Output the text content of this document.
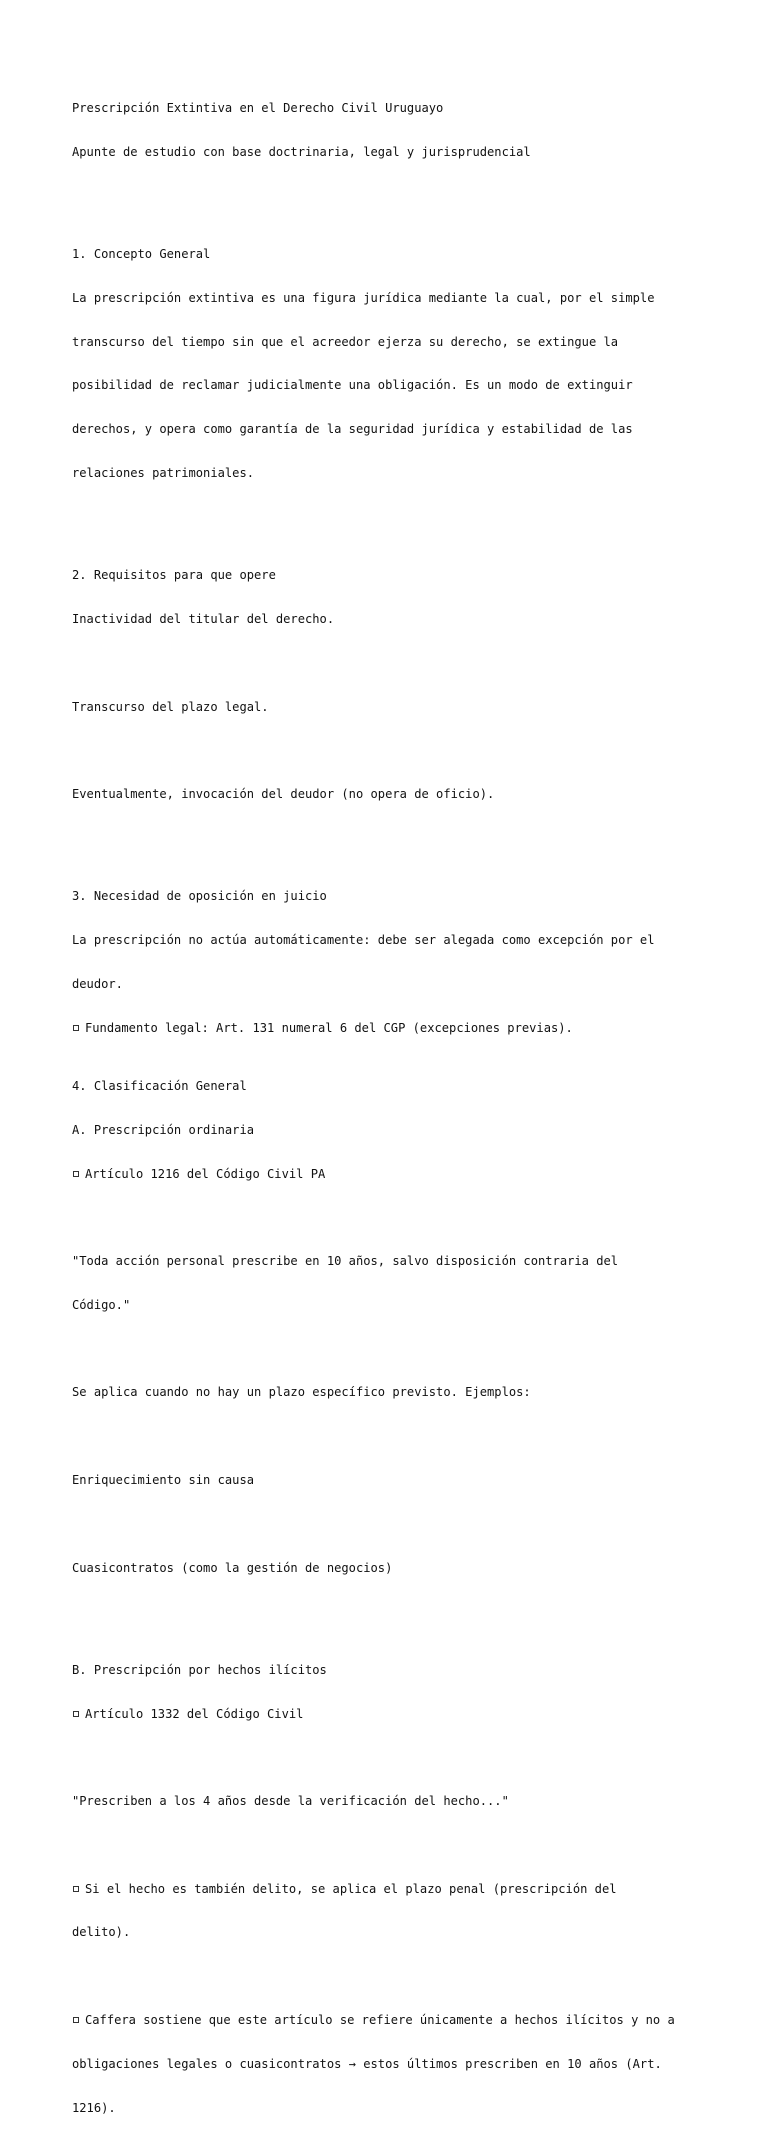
Prescripción Extintiva en el Derecho Civil Uruguayo

Apunte de estudio con base doctrinaria, legal y jurisprudencial

1. Concepto General

La prescripción extintiva es una figura jurídica mediante la cual, por el simple

transcurso del tiempo sin que el acreedor ejerza su derecho, se extingue la

posibilidad de reclamar judicialmente una obligación. Es un modo de extinguir

derechos, y opera como garantía de la seguridad jurídica y estabilidad de las

relaciones patrimoniales.

2. Requisitos para que opere

Inactividad del titular del derecho.

Transcurso del plazo legal.

Eventualmente, invocación del deudor (no opera de oficio).

3. Necesidad de oposición en juicio

La prescripción no actúa automáticamente: debe ser alegada como excepción por el

deudor.

Fundamento legal: Art. 131 numeral 6 del CGP (excepciones previas).

4. Clasificación General

A. Prescripción ordinaria

Artículo 1216 del Código Civil PA

"Toda acción personal prescribe en 10 años, salvo disposición contraria del

Código."

Se aplica cuando no hay un plazo específico previsto. Ejemplos:

Enriquecimiento sin causa

Cuasicontratos (como la gestión de negocios)

B. Prescripción por hechos ilícitos

Artículo 1332 del Código Civil

"Prescriben a los 4 años desde la verificación del hecho..."

Si el hecho es también delito, se aplica el plazo penal (prescripción del

delito).

Caffera sostiene que este artículo se refiere únicamente a hechos ilícitos y no a

obligaciones legales o cuasicontratos → estos últimos prescriben en 10 años (Art.

1216).
